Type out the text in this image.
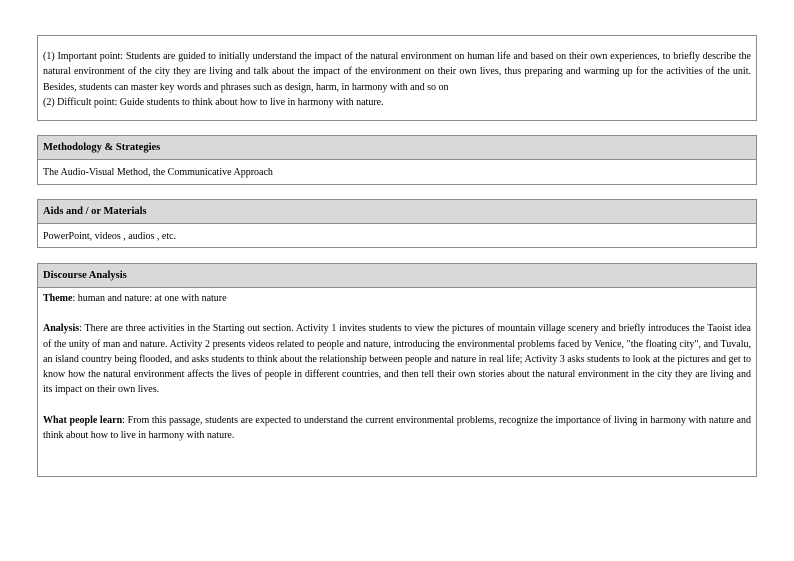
(1) Important point: Students are guided to initially understand the impact of the natural environment on human life and based on their own experiences, to briefly describe the natural environment of the city they are living and talk about the impact of the environment on their own lives, thus preparing and warming up for the activities of the unit. Besides, students can master key words and phrases such as design, harm, in harmony with and so on

(2) Difficult point: Guide students to think about how to live in harmony with nature.

Methodology & Strategies
The Audio-Visual Method, the Communicative Approach
Aids and / or Materials
PowerPoint, videos , audios , etc.
Discourse Analysis

Theme: human and nature: at one with nature

Analysis: There are three activities in the Starting out section. Activity 1 invites students to view the pictures of mountain village scenery and briefly introduces the Taoist idea of the unity of man and nature. Activity 2 presents videos related to people and nature, introducing the environmental problems faced by Venice, "the floating city", and Tuvalu, an island country being flooded, and asks students to think about the relationship between people and nature in real life; Activity 3 asks students to look at the pictures and get to know how the natural environment affects the lives of people in different countries, and then tell their own stories about the natural environment in the city they are living and its impact on their own lives.

What people learn: From this passage, students are expected to understand the current environmental problems, recognize the importance of living in harmony with nature and think about how to live in harmony with nature.
